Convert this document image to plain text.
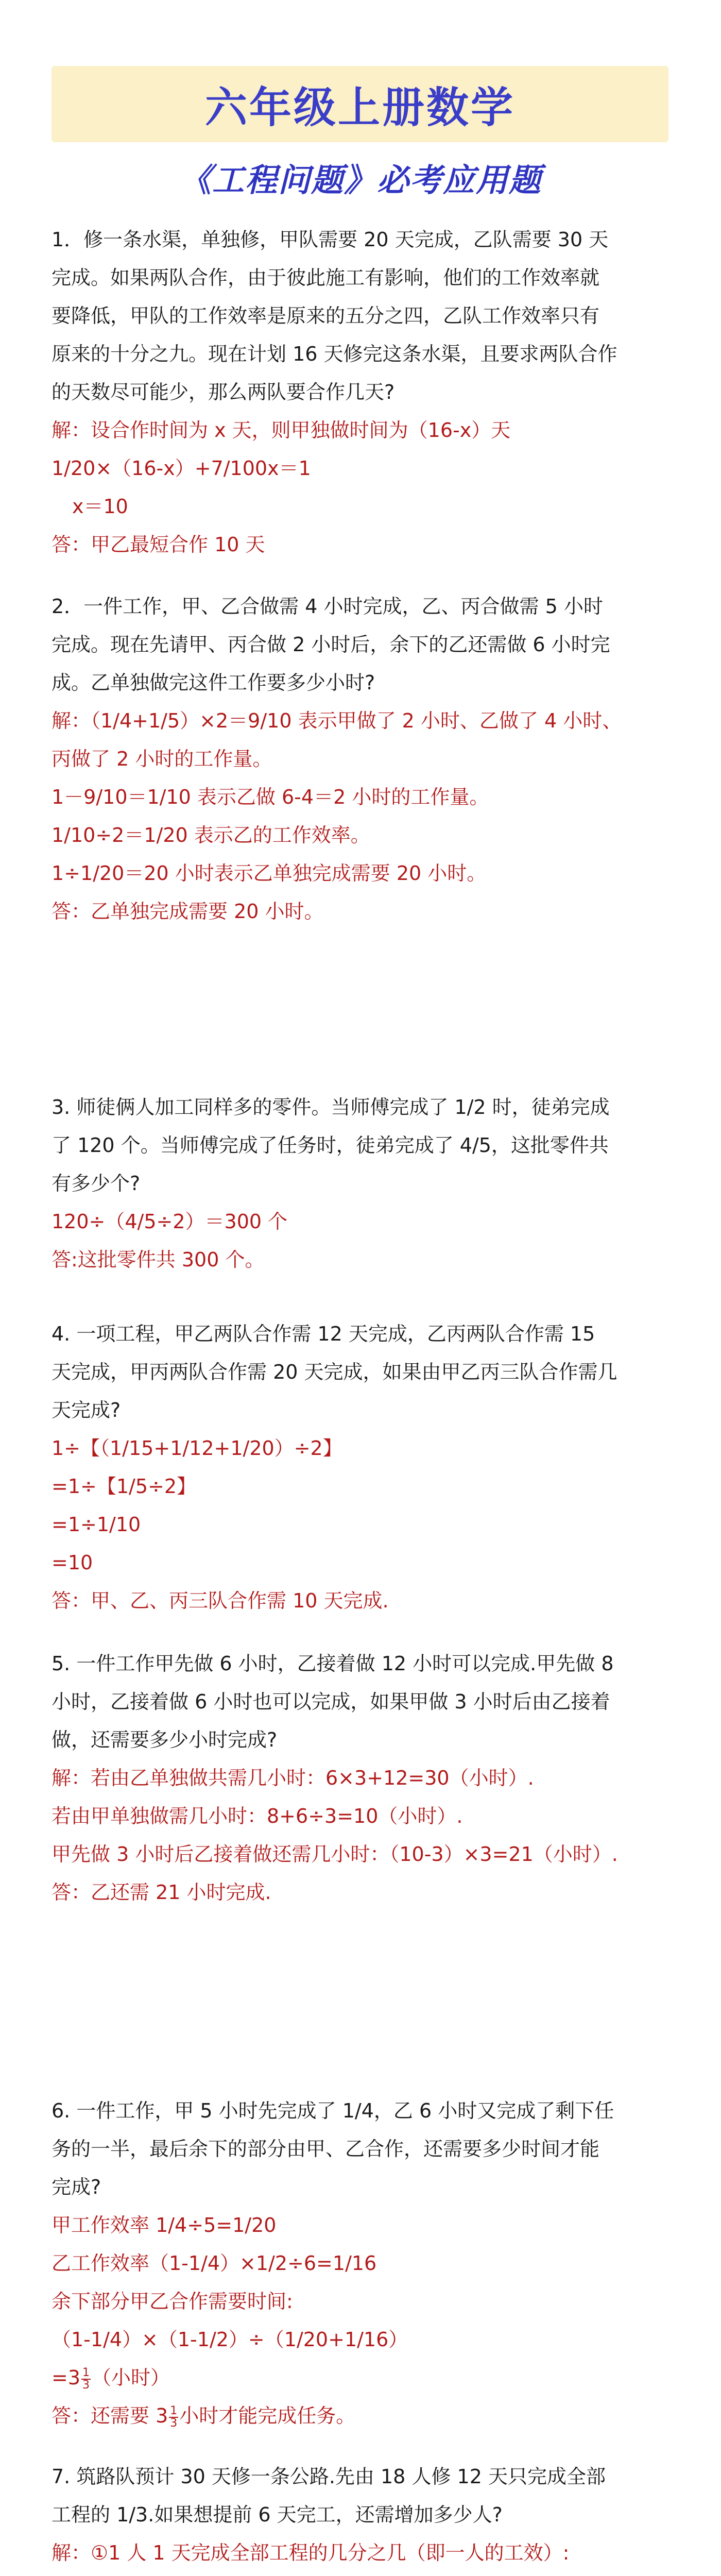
六年级上册数学
《工程问题》必考应用题
1．修一条水渠，单独修，甲队需要 20 天完成，乙队需要 30 天
完成。如果两队合作，由于彼此施工有影响，他们的工作效率就
要降低，甲队的工作效率是原来的五分之四，乙队工作效率只有
原来的十分之九。现在计划 16 天修完这条水渠，且要求两队合作
的天数尽可能少，那么两队要合作几天?
解：设合作时间为 x 天，则甲独做时间为（16-x）天
1/20×（16-x）+7/100x＝1
x＝10
答：甲乙最短合作 10 天
2．一件工作，甲、乙合做需 4 小时完成，乙、丙合做需 5 小时
完成。现在先请甲、丙合做 2 小时后，余下的乙还需做 6 小时完
成。乙单独做完这件工作要多少小时?
解：（1/4+1/5）×2＝9/10 表示甲做了 2 小时、乙做了 4 小时、
丙做了 2 小时的工作量。
1－9/10＝1/10 表示乙做 6-4＝2 小时的工作量。
1/10÷2＝1/20 表示乙的工作效率。
1÷1/20＝20 小时表示乙单独完成需要 20 小时。
答：乙单独完成需要 20 小时。
3. 师徒俩人加工同样多的零件。当师傅完成了 1/2 时，徒弟完成
了 120 个。当师傅完成了任务时，徒弟完成了 4/5，这批零件共
有多少个?
120÷（4/5÷2）＝300 个
答:这批零件共 300 个。
4. 一项工程，甲乙两队合作需 12 天完成，乙丙两队合作需 15
天完成，甲丙两队合作需 20 天完成，如果由甲乙丙三队合作需几
天完成?
1÷【（1/15+1/12+1/20）÷2】
=1÷【1/5÷2】
=1÷1/10
=10
答：甲、乙、丙三队合作需 10 天完成.
5. 一件工作甲先做 6 小时，乙接着做 12 小时可以完成.甲先做 8
小时，乙接着做 6 小时也可以完成，如果甲做 3 小时后由乙接着
做，还需要多少小时完成?
解：若由乙单独做共需几小时：6×3+12=30（小时）.
若由甲单独做需几小时：8+6÷3=10（小时）.
甲先做 3 小时后乙接着做还需几小时：（10-3）×3=21（小时）.
答：乙还需 21 小时完成.
6. 一件工作，甲 5 小时先完成了 1/4，乙 6 小时又完成了剩下任
务的一半，最后余下的部分由甲、乙合作，还需要多少时间才能
完成?
甲工作效率 1/4÷5=1/20
乙工作效率（1-1/4）×1/2÷6=1/16
余下部分甲乙合作需要时间:
（1-1/4）×（1-1/2）÷（1/20+1/16）
$=3 \frac{1}{3}$ （小时）
答：还需要 $3 \frac{1}{3}$ 小时才能完成任务。
7. 筑路队预计 30 天修一条公路.先由 18 人修 12 天只完成全部
工程的 1/3.如果想提前 6 天完工，还需增加多少人?
解：①1 人 1 天完成全部工程的几分之几（即一人的工效）:
